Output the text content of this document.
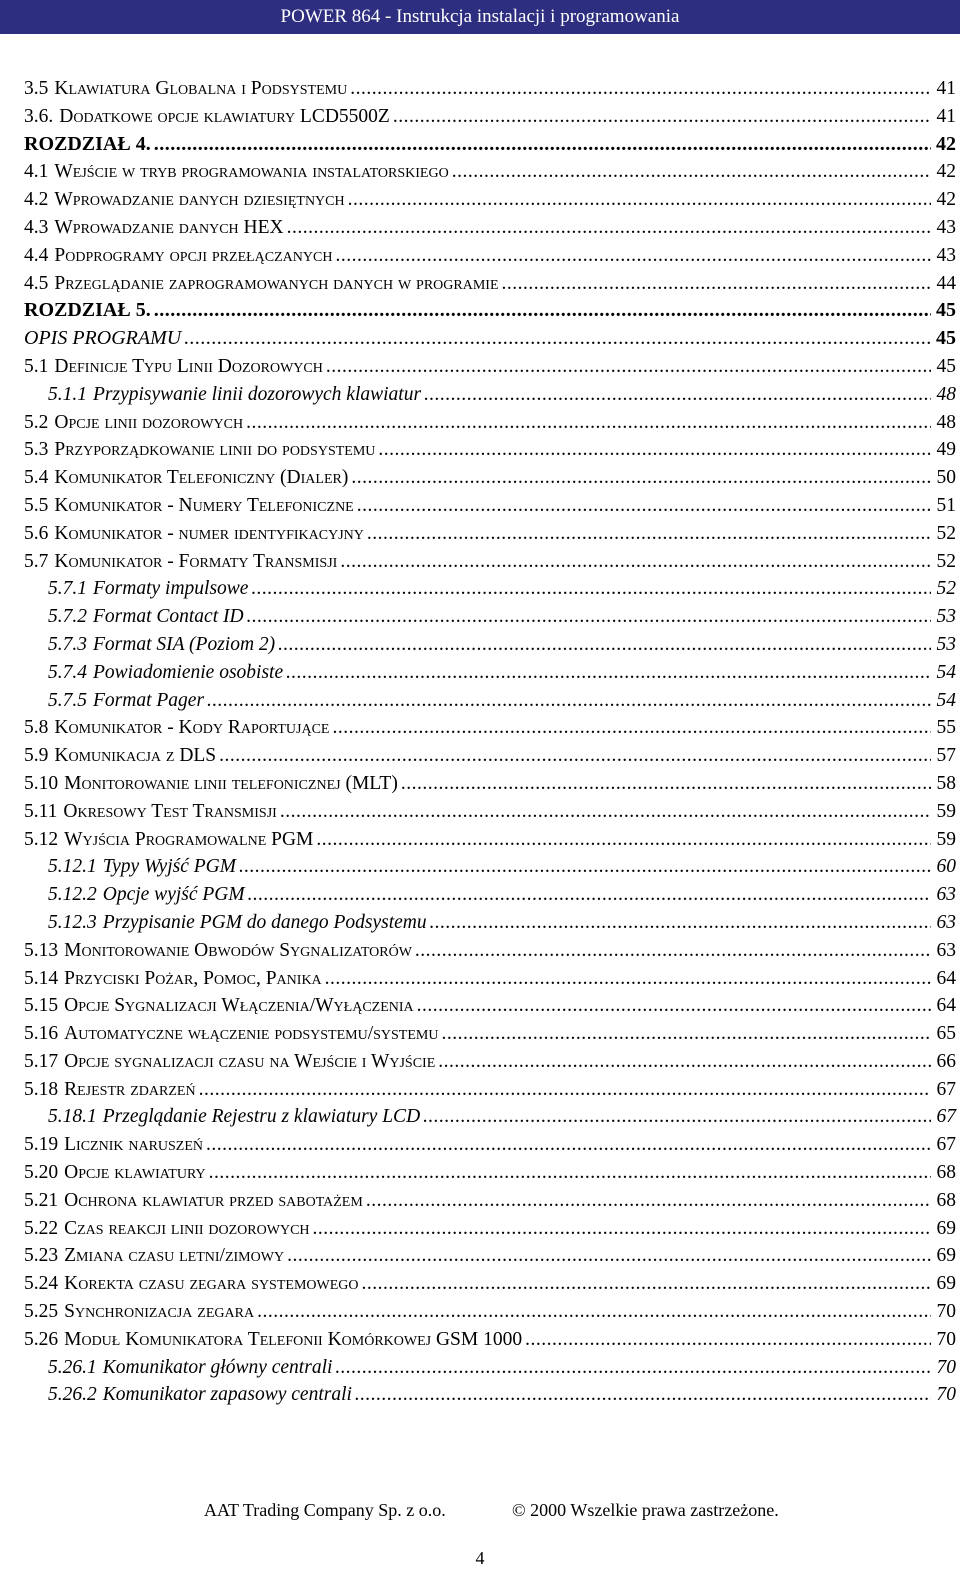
POWER 864 - Instrukcja instalacji i programowania
3.5 Klawiatura Globalna i Podsystemu .....	41
3.6. Dodatkowe opcje klawiatury LCD5500Z .....	41
ROZDZIAŁ 4. .....	42
4.1 Wejście w tryb programowania instalatorskiego .....	42
4.2 Wprowadzanie danych dziesiętnych .....	42
4.3 Wprowadzanie danych HEX .....	43
4.4 Podprogramy opcji przełączanych .....	43
4.5 Przeglądanie zaprogramowanych danych w programie .....	44
ROZDZIAŁ 5. .....	45
OPIS PROGRAMU .....	45
5.1 Definicje Typu Linii Dozorowych .....	45
5.1.1 Przypisywanie linii dozorowych klawiatur .....	48
5.2 Opcje linii dozorowych .....	48
5.3 Przyporządkowanie linii do podsystemu .....	49
5.4 Komunikator Telefoniczny (Dialer) .....	50
5.5 Komunikator - Numery Telefoniczne .....	51
5.6 Komunikator - numer identyfikacyjny .....	52
5.7 Komunikator - Formaty Transmisji .....	52
5.7.1 Formaty impulsowe .....	52
5.7.2 Format Contact ID .....	53
5.7.3 Format SIA (Poziom 2) .....	53
5.7.4 Powiadomienie osobiste .....	54
5.7.5 Format Pager .....	54
5.8 Komunikator - Kody Raportujące .....	55
5.9 Komunikacja z DLS .....	57
5.10 Monitorowanie linii telefonicznej (MLT) .....	58
5.11 Okresowy Test Transmisji .....	59
5.12 Wyjścia Programowalne PGM .....	59
5.12.1 Typy Wyjść PGM .....	60
5.12.2 Opcje wyjść PGM .....	63
5.12.3 Przypisanie PGM do danego Podsystemu .....	63
5.13 Monitorowanie Obwodów Sygnalizatorów .....	63
5.14 Przyciski Pożar, Pomoc, Panika .....	64
5.15 Opcje Sygnalizacji Włączenia/Wyłączenia .....	64
5.16 Automatyczne włączenie podsystemu/systemu .....	65
5.17 Opcje sygnalizacji czasu na Wejście i Wyjście .....	66
5.18 Rejestr zdarzeń .....	67
5.18.1 Przeglądanie Rejestru z klawiatury LCD .....	67
5.19 Licznik naruszeń .....	67
5.20 Opcje klawiatury .....	68
5.21 Ochrona klawiatur przed sabotażem .....	68
5.22 Czas reakcji linii dozorowych .....	69
5.23 Zmiana czasu letni/zimowy .....	69
5.24 Korekta czasu zegara systemowego .....	69
5.25 Synchronizacja zegara .....	70
5.26 Moduł Komunikatora Telefonii Komórkowej GSM 1000 .....	70
5.26.1 Komunikator główny centrali .....	70
5.26.2 Komunikator zapasowy centrali .....	70
AAT Trading Company Sp. z o.o.	© 2000 Wszelkie prawa zastrzeżone.
4
